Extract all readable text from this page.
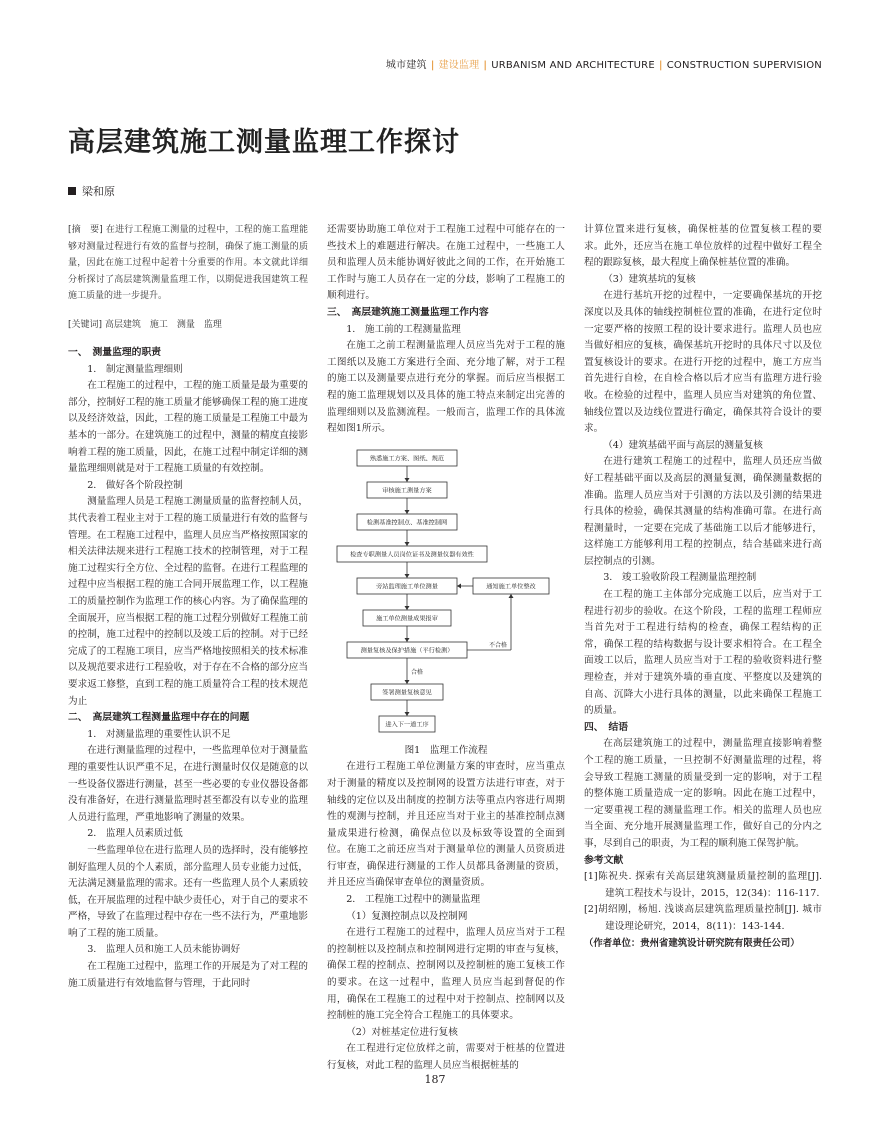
城市建筑 | 建设监理 | URBANISM AND ARCHITECTURE | CONSTRUCTION SUPERVISION
高层建筑施工测量监理工作探讨
梁和原

[摘　要] 在进行工程施工测量的过程中，工程的施工监理能够对测量过程进行有效的监督与控制，确保了施工测量的质量，因此在施工过程中起着十分重要的作用。本文就此详细分析探讨了高层建筑测量监理工作，以期促进我国建筑工程施工质量的进一步提升。

[关键词] 高层建筑　施工　测量　监理

一、　测量监理的职责

1.　制定测量监理细则

在工程施工的过程中，工程的施工质量是最为重要的部分，控制好工程的施工质量才能够确保工程的施工进度以及经济效益，因此，工程的施工质量是工程施工中最为基本的一部分。在建筑施工的过程中，测量的精度直接影响着工程的施工质量，因此，在施工过程中制定详细的测量监理细则就是对于工程施工质量的有效控制。

2.　做好各个阶段控制

测量监理人员是工程施工测量质量的监督控制人员，其代表着工程业主对于工程的施工质量进行有效的监督与管理。在工程施工过程中，监理人员应当严格按照国家的相关法律法规来进行工程施工技术的控制管理，对于工程施工过程实行全方位、全过程的监督。在进行工程监理的过程中应当根据工程的施工合同开展监理工作，以工程施工的质量控制作为监理工作的核心内容。为了确保监理的全面展开，应当根据工程的施工过程分别做好工程施工前的控制，施工过程中的控制以及竣工后的控制。对于已经完成了的工程施工项目，应当严格地按照相关的技术标准以及规范要求进行工程验收，对于存在不合格的部分应当要求返工修整，直到工程的施工质量符合工程的技术规范为止

二、　高层建筑工程测量监理中存在的问题

1.　对测量监理的重要性认识不足

在进行测量监理的过程中，一些监理单位对于测量监理的重要性认识严重不足，在进行测量时仅仅是随意的以一些设备仪器进行测量，甚至一些必要的专业仪器设备都没有准备好，在进行测量监理时甚至都没有以专业的监理人员进行监理，严重地影响了测量的效果。

2.　监理人员素质过低

一些监理单位在进行监理人员的选择时，没有能够控制好监理人员的个人素质，部分监理人员专业能力过低，无法满足测量监理的需求。还有一些监理人员个人素质较低，在开展监理的过程中缺少责任心，对于自己的要求不严格，导致了在监理过程中存在一些不法行为，严重地影响了工程的施工质量。

3.　监理人员和施工人员未能协调好

在工程施工过程中，监理工作的开展是为了对工程的施工质量进行有效地监督与管理，于此同时

还需要协助施工单位对于工程施工过程中可能存在的一些技术上的难题进行解决。在施工过程中，一些施工人员和监理人员未能协调好彼此之间的工作，在开始施工工作时与施工人员存在一定的分歧，影响了工程施工的顺利进行。

三、　高层建筑施工测量监理工作内容

1.　施工前的工程测量监理

在施工之前工程测量监理人员应当先对于工程的施工图纸以及施工方案进行全面、充分地了解，对于工程的施工以及测量要点进行充分的掌握。而后应当根据工程的施工监理规划以及具体的施工特点来制定出完善的监理细则以及监测流程。一般而言，监理工作的具体流程如图1所示。

熟悉施工方案、图纸、规范
审核施工测量方案
检测基准控制点、基准控制网
检查专职测量人员岗位证书及测量仪器有效性
旁站监理施工单位测量	通知施工单位整改
施工单位测量成果报审
测量复核及保护措施（平行检测）
签署测量复核意见
进入下一道工序
不合格
合格

图1　监理工作流程

在进行工程施工单位测量方案的审查时，应当重点对于测量的精度以及控制网的设置方法进行审查，对于轴线的定位以及出制度的控制方法等重点内容进行周期性的观测与控制，并且还应当对于业主的基准控制点测量成果进行检测，确保点位以及标致等设置的全面到位。在施工之前还应当对于测量单位的测量人员资质进行审查，确保进行测量的工作人员都具备测量的资质，并且还应当确保审查单位的测量资质。

2.　工程施工过程中的测量监理

（1）复测控制点以及控制网

在进行工程施工的过程中，监理人员应当对于工程的控制桩以及控制点和控制网进行定期的审查与复核，确保工程的控制点、控制网以及控制桩的施工复核工作的要求。在这一过程中，监理人员应当起到督促的作用，确保在工程施工的过程中对于控制点、控制网以及控制桩的施工完全符合工程施工的具体要求。

（2）对桩基定位进行复核

在工程进行定位放样之前，需要对于桩基的位置进行复核，对此工程的监理人员应当根据桩基的

计算位置来进行复核，确保桩基的位置复核工程的要求。此外，还应当在施工单位放样的过程中做好工程全程的跟踪复核，最大程度上确保桩基位置的准确。

（3）建筑基坑的复核

在进行基坑开挖的过程中，一定要确保基坑的开挖深度以及具体的轴线控制桩位置的准确，在进行定位时一定要严格的按照工程的设计要求进行。监理人员也应当做好相应的复核，确保基坑开挖时的具体尺寸以及位置复核设计的要求。在进行开挖的过程中，施工方应当首先进行自检，在自检合格以后才应当有监理方进行验收。在检验的过程中，监理人员应当对建筑的角位置、轴线位置以及边线位置进行确定，确保其符合设计的要求。

（4）建筑基础平面与高层的测量复核

在进行建筑工程施工的过程中，监理人员还应当做好工程基础平面以及高层的测量复测，确保测量数据的准确。监理人员应当对于引测的方法以及引测的结果进行具体的检验，确保其测量的结构准确可靠。在进行高程测量时，一定要在完成了基础施工以后才能够进行，这样施工方能够利用工程的控制点，结合基础来进行高层控制点的引测。

3.　竣工验收阶段工程测量监理控制

在工程的施工主体部分完成施工以后，应当对于工程进行初步的验收。在这个阶段，工程的监理工程师应当首先对于工程进行结构的检查，确保工程结构的正常，确保工程的结构数据与设计要求相符合。在工程全面竣工以后，监理人员应当对于工程的验收资料进行整理检查，并对于建筑外墙的垂直度、平整度以及建筑的自高、沉降大小进行具体的测量，以此来确保工程施工的质量。

四、　结语

在高层建筑施工的过程中，测量监理直接影响着整个工程的施工质量，一旦控制不好测量监理的过程，将会导致工程施工测量的质量受到一定的影响，对于工程的整体施工质量造成一定的影响。因此在施工过程中，一定要重视工程的测量监理工作。相关的监理人员也应当全面、充分地开展测量监理工作，做好自己的分内之事，尽到自己的职责，为工程的顺利施工保驾护航。

参考文献

[1]陈祝央. 探索有关高层建筑测量质量控制的监理[J]. 建筑工程技术与设计，2015，12(34)：116-117.

[2]胡绍刚，杨旭. 浅谈高层建筑监理质量控制[J]. 城市建设理论研究，2014，8(11)：143-144.

（作者单位：贵州省建筑设计研究院有限责任公司）

187
